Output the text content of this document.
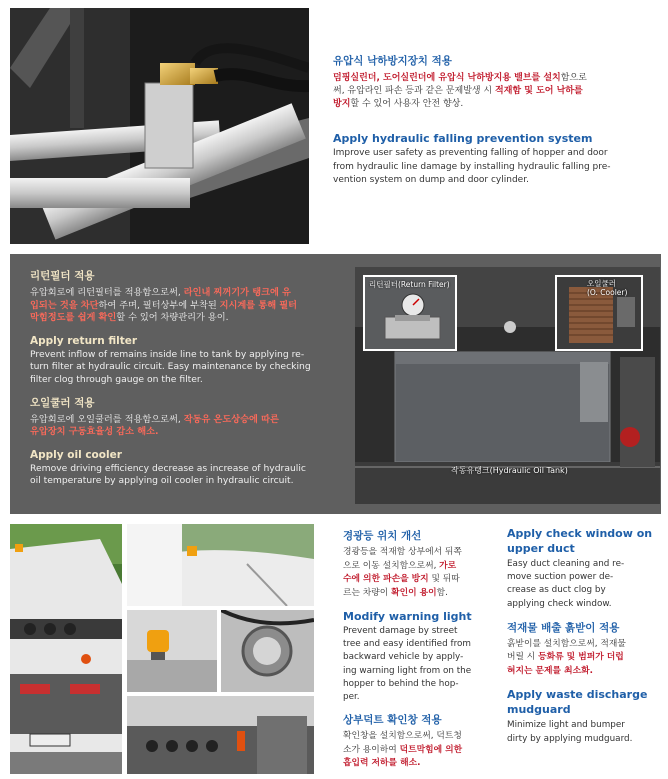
유압식 낙하방지장치 적용
덤핑실린더, 도어실린더에 유압식 낙하방지용 밸브를 설치함으로
써, 유압라인 파손 등과 같은 문제발생 시 적재함 및 도어 낙하를
방지할 수 있어 사용자 안전 향상.
Apply hydraulic falling prevention system
Improve user safety as preventing falling of hopper and door
from hydraulic line damage by installing hydraulic falling pre-
vention system on dump and door cylinder.
리턴필터 적용
유압회로에 리턴필터를 적용함으로써, 라인내 찌꺼기가 탱크에 유
입되는 것을 차단하여 주며, 필터상부에 부착된 지시계를 통해 필터
막힘정도를 쉽게 확인할 수 있어 차량관리가 용이.
Apply return filter
Prevent inflow of remains inside line to tank by applying re-
turn filter at hydraulic circuit. Easy maintenance by checking
filter clog through gauge on the filter.
오일쿨러 적용
유압회로에 오일쿨러를 적용함으로써, 작동유 온도상승에 따른
유압장치 구동효율성 감소 해소.
Apply oil cooler
Remove driving efficiency decrease as increase of hydraulic
oil temperature by applying oil cooler in hydraulic circuit.
리턴필터(Return Filter)	오일쿨러
(O. Cooler)
작동유탱크(Hydraulic Oil Tank)
경광등 위치 개선
경광등을 적재함 상부에서 뒤쪽
으로 이동 설치함으로써, 가로
수에 의한 파손을 방지 및 뒤따
르는 차량이 확인이 용이함.
Modify warning light
Prevent damage by street
tree and easy identified from
backward vehicle by apply-
ing warning light from on the
hopper to behind the hop-
per.
상부덕트 확인창 적용
확인창을 설치함으로써, 덕트청
소가 용이하여 덕트막힘에 의한
흡입력 저하를 해소.
Apply check window on
upper duct
Easy duct cleaning and re-
move suction power de-
crease as duct clog by
applying check window.
적재물 배출 흙받이 적용
흙받이를 설치함으로써, 적재물
버릴 시 등화류 및 범퍼가 더럽
혀지는 문제를 최소화.
Apply waste discharge
mudguard
Minimize light and bumper
dirty by applying mudguard.
